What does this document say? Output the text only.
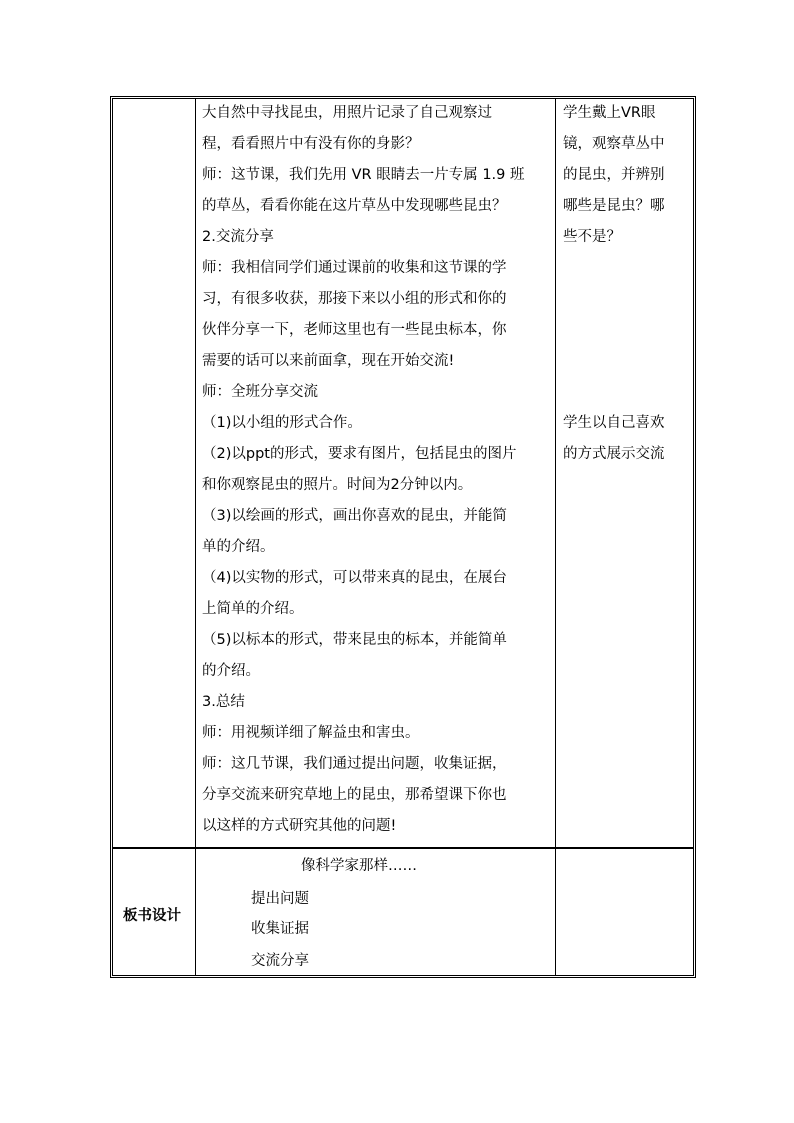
大自然中寻找昆虫，用照片记录了自己观察过
程，看看照片中有没有你的身影？
师：这节课，我们先用 VR 眼睛去一片专属 1.9 班
的草丛，看看你能在这片草丛中发现哪些昆虫？
2.交流分享
师：我相信同学们通过课前的收集和这节课的学
习，有很多收获，那接下来以小组的形式和你的
伙伴分享一下，老师这里也有一些昆虫标本，你
需要的话可以来前面拿，现在开始交流!
师：全班分享交流
（1)以小组的形式合作。
（2)以ppt的形式，要求有图片，包括昆虫的图片
和你观察昆虫的照片。时间为2分钟以内。
（3)以绘画的形式，画出你喜欢的昆虫，并能简
单的介绍。
（4)以实物的形式，可以带来真的昆虫，在展台
上简单的介绍。
（5)以标本的形式，带来昆虫的标本，并能简单
的介绍。
3.总结
师：用视频详细了解益虫和害虫。
师：这几节课，我们通过提出问题，收集证据，
分享交流来研究草地上的昆虫，那希望课下你也
以这样的方式研究其他的问题!
学生戴上VR眼
镜，观察草丛中
的昆虫，并辨别
哪些是昆虫？哪
些不是？
学生以自己喜欢
的方式展示交流
板书设计
像科学家那样……
提出问题
收集证据
交流分享
